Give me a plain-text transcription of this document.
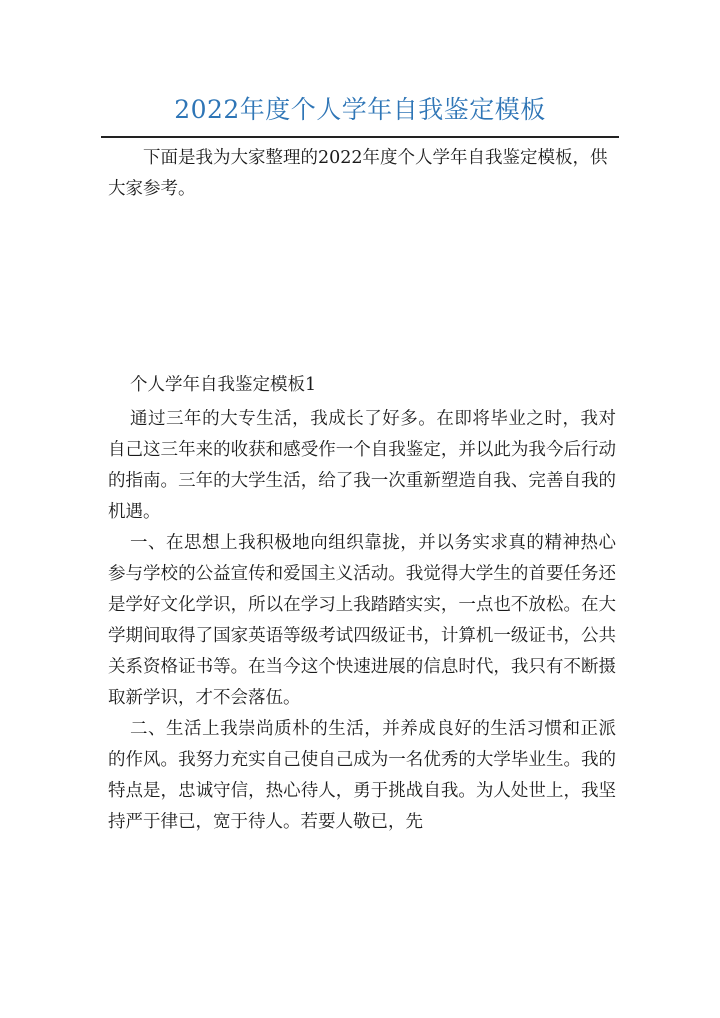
2022年度个人学年自我鉴定模板

下面是我为大家整理的2022年度个人学年自我鉴定模板，供大家参考。

个人学年自我鉴定模板1

通过三年的大专生活，我成长了好多。在即将毕业之时，我对自己这三年来的收获和感受作一个自我鉴定，并以此为我今后行动的指南。三年的大学生活，给了我一次重新塑造自我、完善自我的机遇。

一、在思想上我积极地向组织靠拢，并以务实求真的精神热心参与学校的公益宣传和爱国主义活动。我觉得大学生的首要任务还是学好文化学识，所以在学习上我踏踏实实，一点也不放松。在大学期间取得了国家英语等级考试四级证书，计算机一级证书，公共关系资格证书等。在当今这个快速进展的信息时代，我只有不断摄取新学识，才不会落伍。

二、生活上我崇尚质朴的生活，并养成良好的生活习惯和正派的作风。我努力充实自己使自己成为一名优秀的大学毕业生。我的特点是，忠诚守信，热心待人，勇于挑战自我。为人处世上，我坚持严于律已，宽于待人。若要人敬已，先
